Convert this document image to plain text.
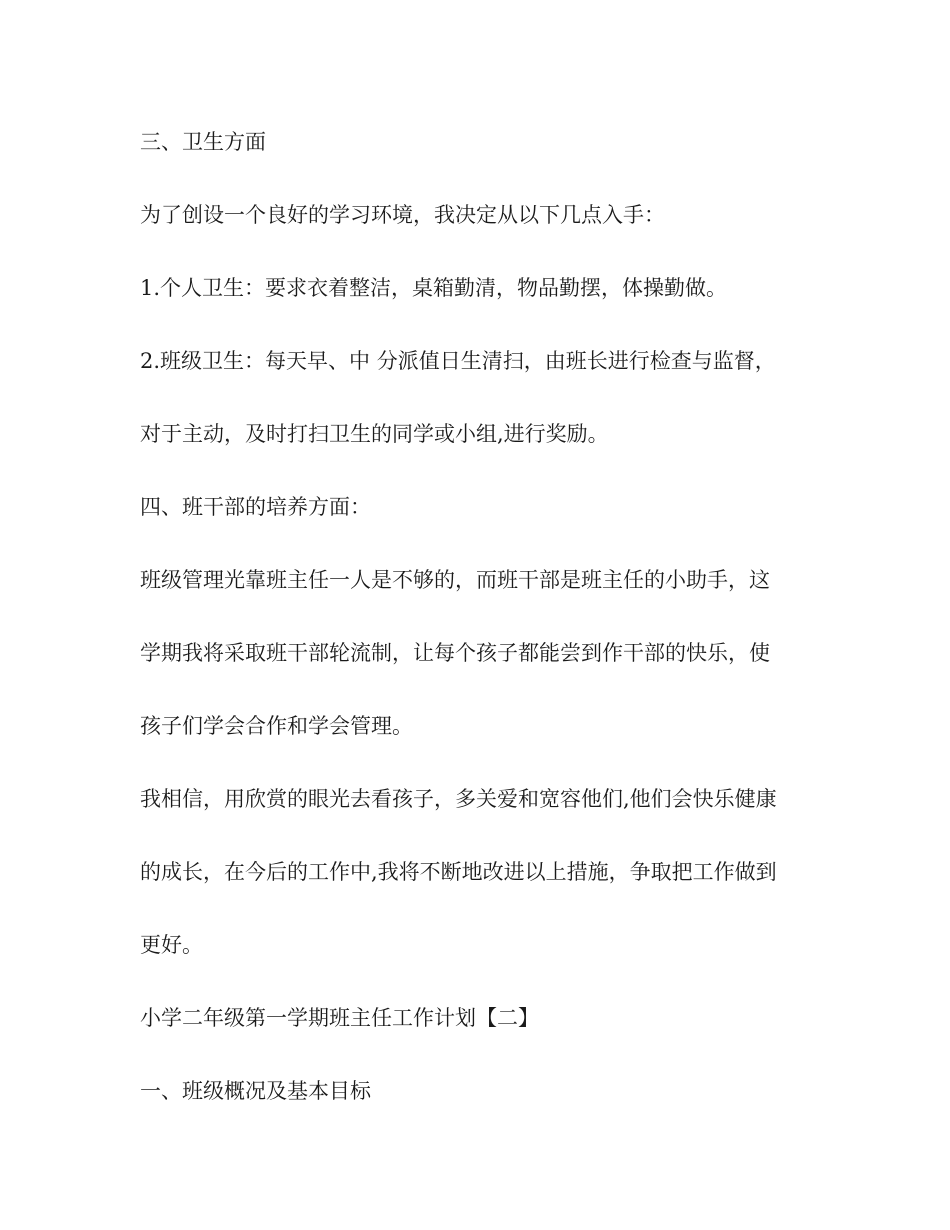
三、卫生方面
为了创设一个良好的学习环境，我决定从以下几点入手：
1.个人卫生：要求衣着整洁，桌箱勤清，物品勤摆，体操勤做。
2.班级卫生：每天早、中 分派值日生清扫，由班长进行检查与监督，
对于主动，及时打扫卫生的同学或小组,进行奖励。
四、班干部的培养方面：
班级管理光靠班主任一人是不够的，而班干部是班主任的小助手，这
学期我将采取班干部轮流制，让每个孩子都能尝到作干部的快乐，使
孩子们学会合作和学会管理。
我相信，用欣赏的眼光去看孩子，多关爱和宽容他们,他们会快乐健康
的成长，在今后的工作中,我将不断地改进以上措施，争取把工作做到
更好。
小学二年级第一学期班主任工作计划【二】
一、班级概况及基本目标
